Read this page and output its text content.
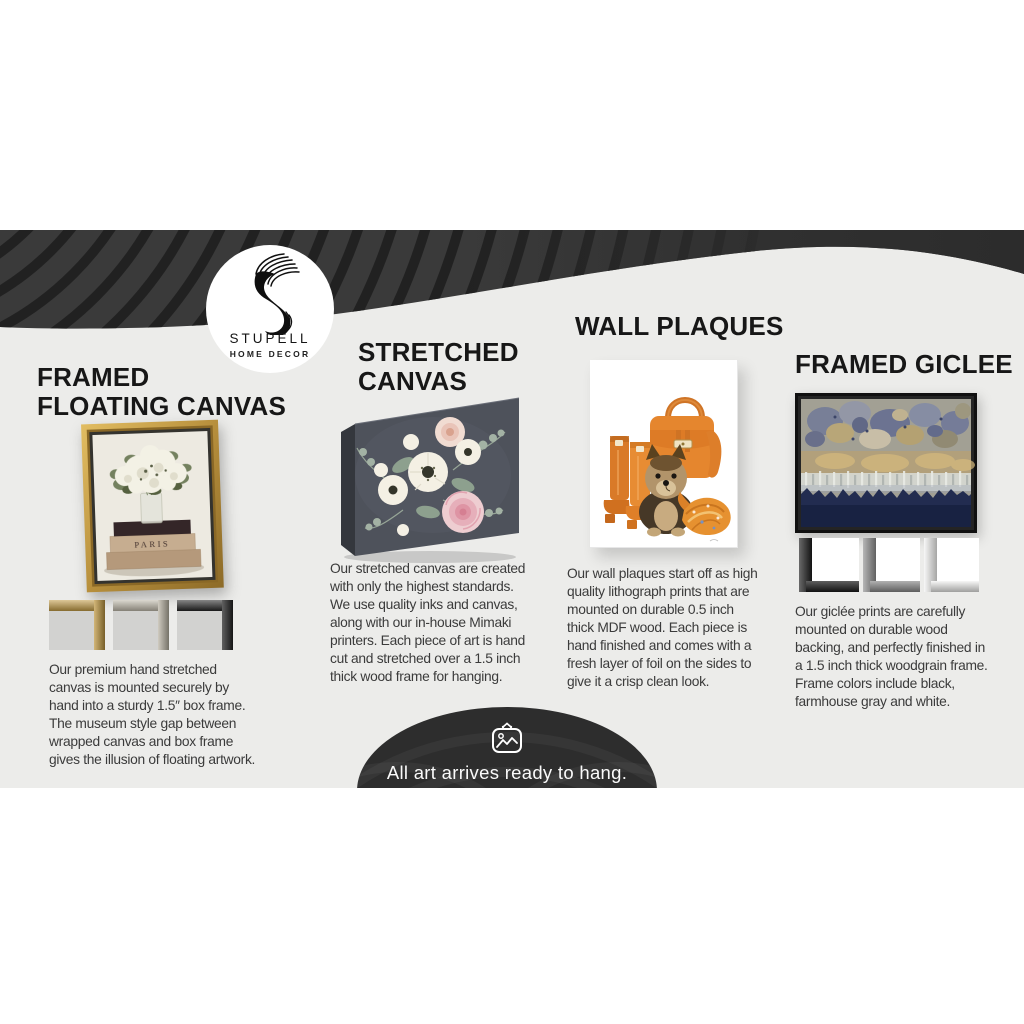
STUPELL
HOME DECOR
FRAMED
FLOATING CANVAS
PARIS

Our premium hand stretched
canvas is mounted securely by
hand into a sturdy 1.5″ box frame.
The museum style gap between
wrapped canvas and box frame
gives the illusion of floating artwork.

STRETCHED
CANVAS

Our stretched canvas are created
with only the highest standards.
We use quality inks and canvas,
along with our in-house Mimaki
printers. Each piece of art is hand
cut and stretched over a 1.5 inch
thick wood frame for hanging.

WALL PLAQUES

Our wall plaques start off as high
quality lithograph prints that are
mounted on durable 0.5 inch
thick MDF wood. Each piece is
hand finished and comes with a
fresh layer of foil on the sides to
give it a crisp clean look.

FRAMED GICLEE

Our giclée prints are carefully
mounted on durable wood
backing, and perfectly finished in
a 1.5 inch thick woodgrain frame.
Frame colors include black,
farmhouse gray and white.

All art arrives ready to hang.
